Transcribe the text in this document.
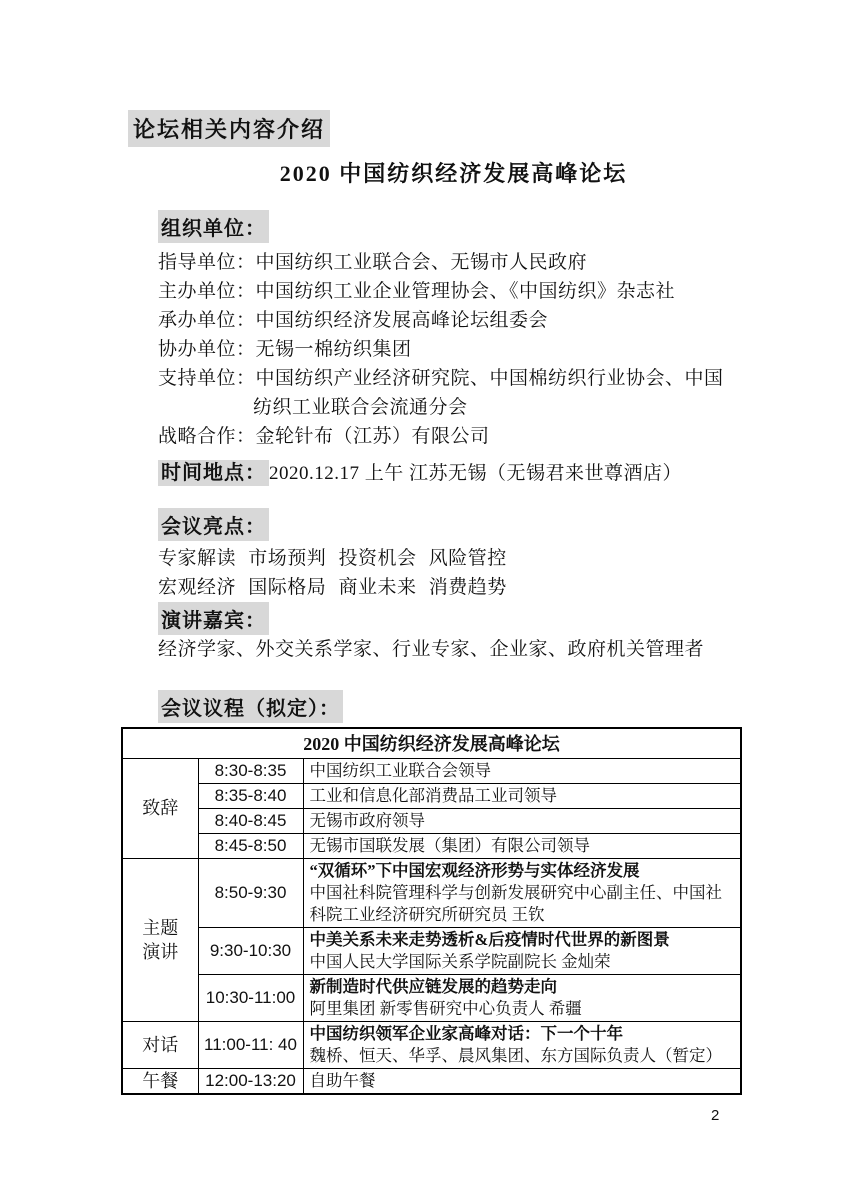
论坛相关内容介绍
2020 中国纺织经济发展高峰论坛
组织单位：
指导单位：中国纺织工业联合会、无锡市人民政府
主办单位：中国纺织工业企业管理协会、《中国纺织》杂志社
承办单位：中国纺织经济发展高峰论坛组委会
协办单位：无锡一棉纺织集团
支持单位：中国纺织产业经济研究院、中国棉纺织行业协会、中国纺织工业联合会流通分会
战略合作：金轮针布（江苏）有限公司
时间地点： 2020.12.17 上午 江苏无锡（无锡君来世尊酒店）
会议亮点：
专家解读 市场预判 投资机会 风险管控
宏观经济 国际格局 商业未来 消费趋势
演讲嘉宾：
经济学家、外交关系学家、行业专家、企业家、政府机关管理者
会议议程（拟定）：
2020 中国纺织经济发展高峰论坛		
致辞	8:30-8:35	中国纺织工业联合会领导
	8:35-8:40	工业和信息化部消费品工业司领导
	8:40-8:45	无锡市政府领导
	8:45-8:50	无锡市国联发展（集团）有限公司领导
主题演讲	8:50-9:30	“双循环”下中国宏观经济形势与实体经济发展
中国社科院管理科学与创新发展研究中心副主任、中国社科院工业经济研究所研究员 王钦

	9:30-10:30	中美关系未来走势透析&后疫情时代世界的新图景
中国人民大学国际关系学院副院长 金灿荣

	10:30-11:00	新制造时代供应链发展的趋势走向
阿里集团 新零售研究中心负责人 希疆

对话	11:00-11: 40	中国纺织领军企业家高峰对话：下一个十年
魏桥、恒天、华孚、晨风集团、东方国际负责人（暂定）

午餐	12:00-13:20	自助午餐
2
